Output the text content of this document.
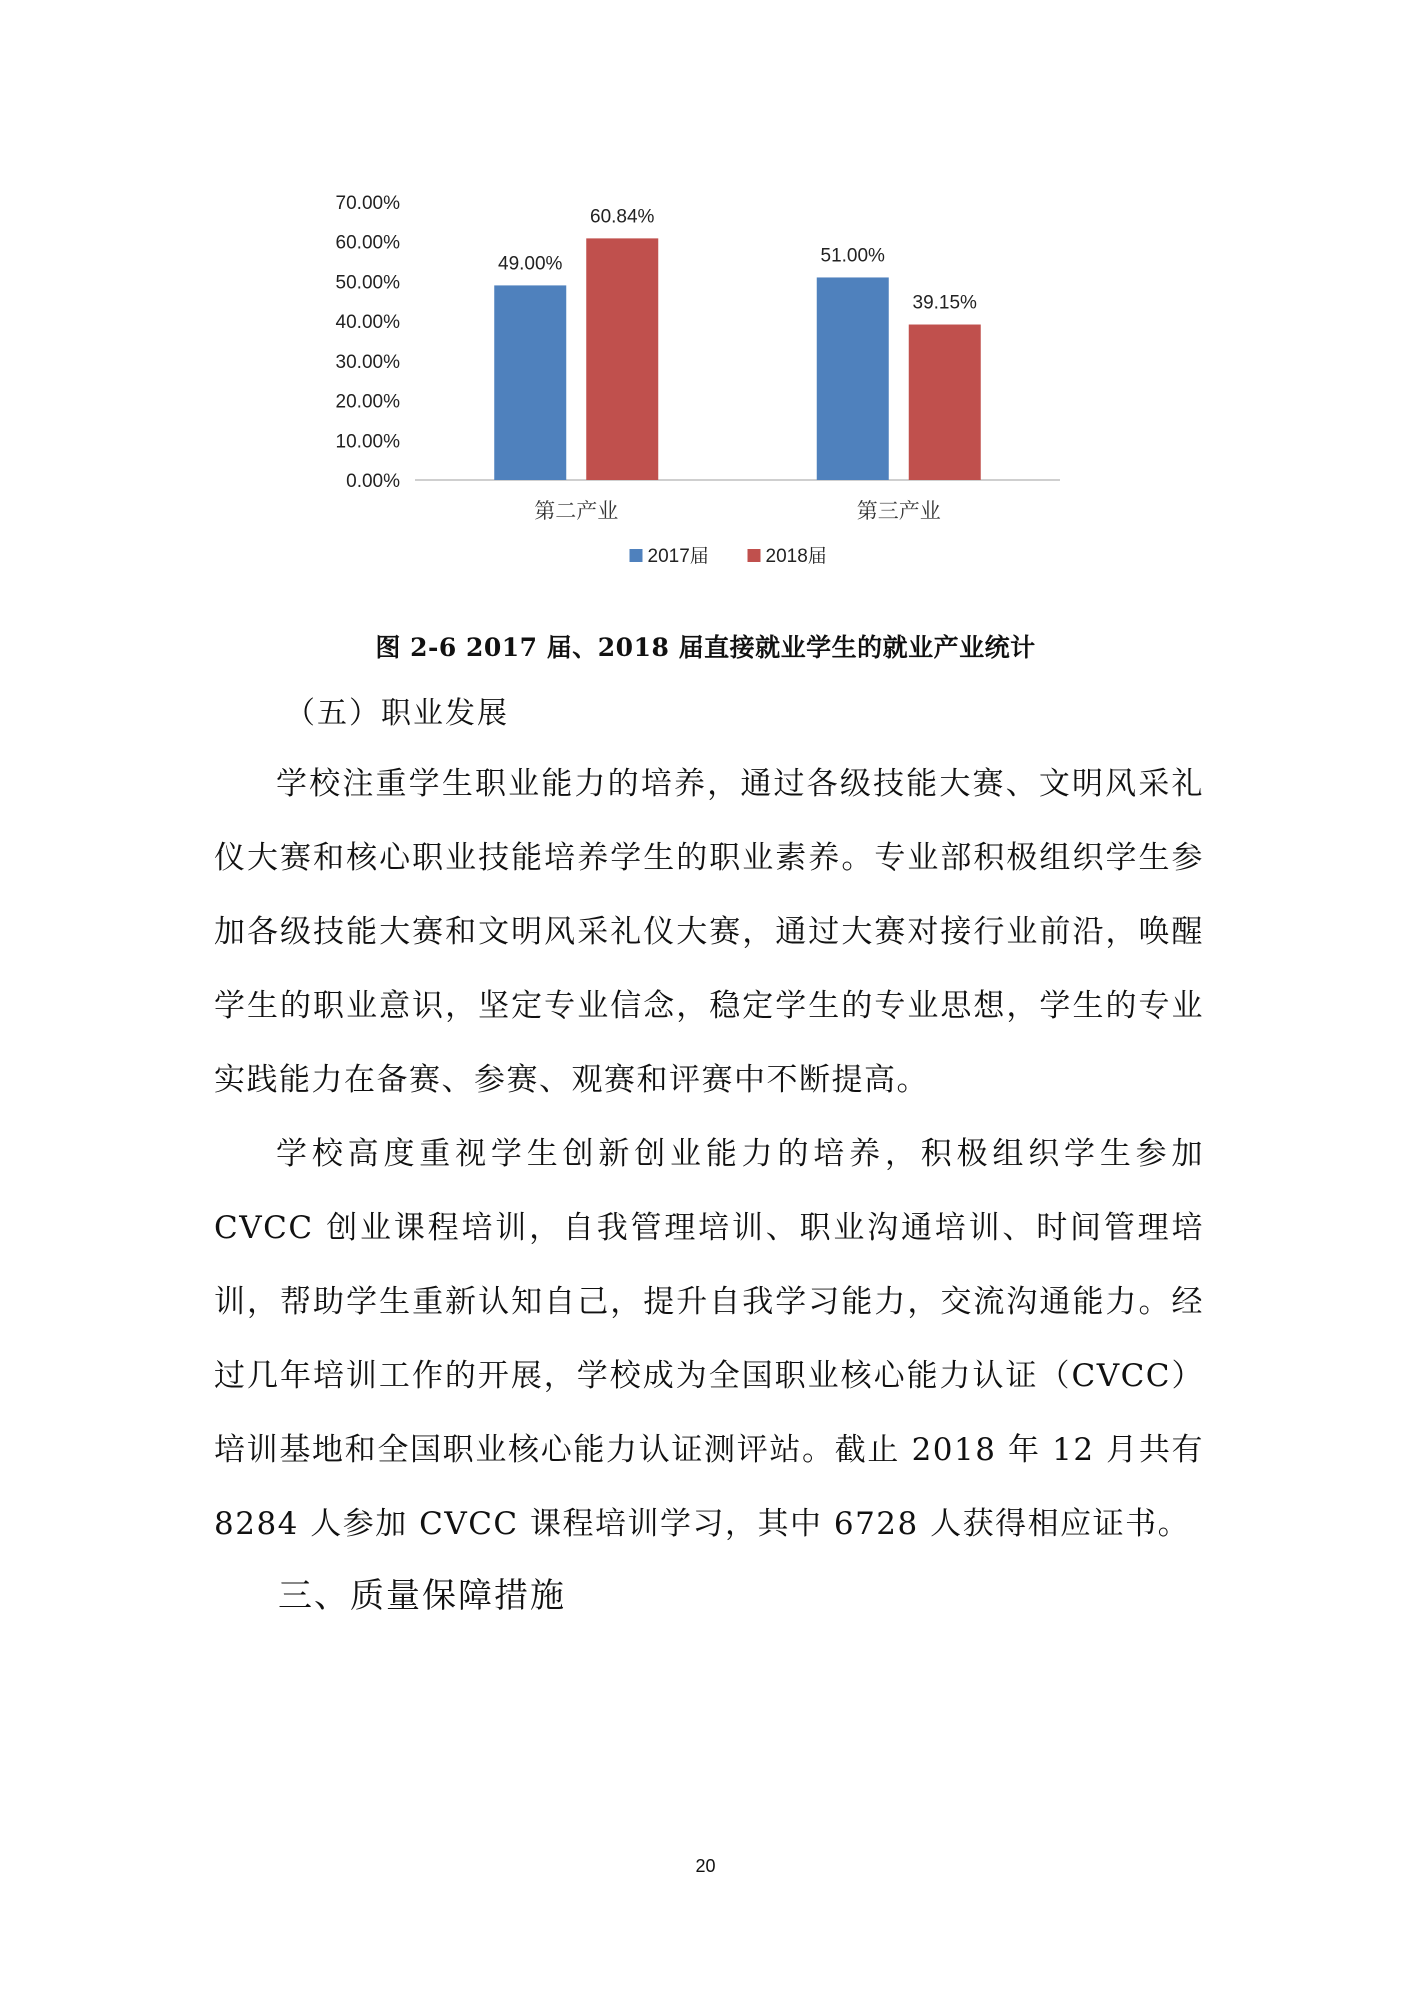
0.00%
10.00%
20.00%
30.00%
40.00%
50.00%
60.00%
70.00%
49.00%
60.84%
第二产业
51.00%
39.15%
第三产业
2017届	2018届
图 2-6 2017 届、2018 届直接就业学生的就业产业统计
（五）职业发展

学校注重学生职业能力的培养，通过各级技能大赛、文明风采礼仪大赛和核心职业技能培养学生的职业素养。专业部积极组织学生参加各级技能大赛和文明风采礼仪大赛，通过大赛对接行业前沿，唤醒学生的职业意识，坚定专业信念，稳定学生的专业思想，学生的专业实践能力在备赛、参赛、观赛和评赛中不断提高。

学校高度重视学生创新创业能力的培养，积极组织学生参加 CVCC 创业课程培训，自我管理培训、职业沟通培训、时间管理培训，帮助学生重新认知自己，提升自我学习能力，交流沟通能力。经过几年培训工作的开展，学校成为全国职业核心能力认证（CVCC）培训基地和全国职业核心能力认证测评站。截止 2018 年 12 月共有 8284 人参加 CVCC 课程培训学习，其中 6728 人获得相应证书。

三、质量保障措施
20
